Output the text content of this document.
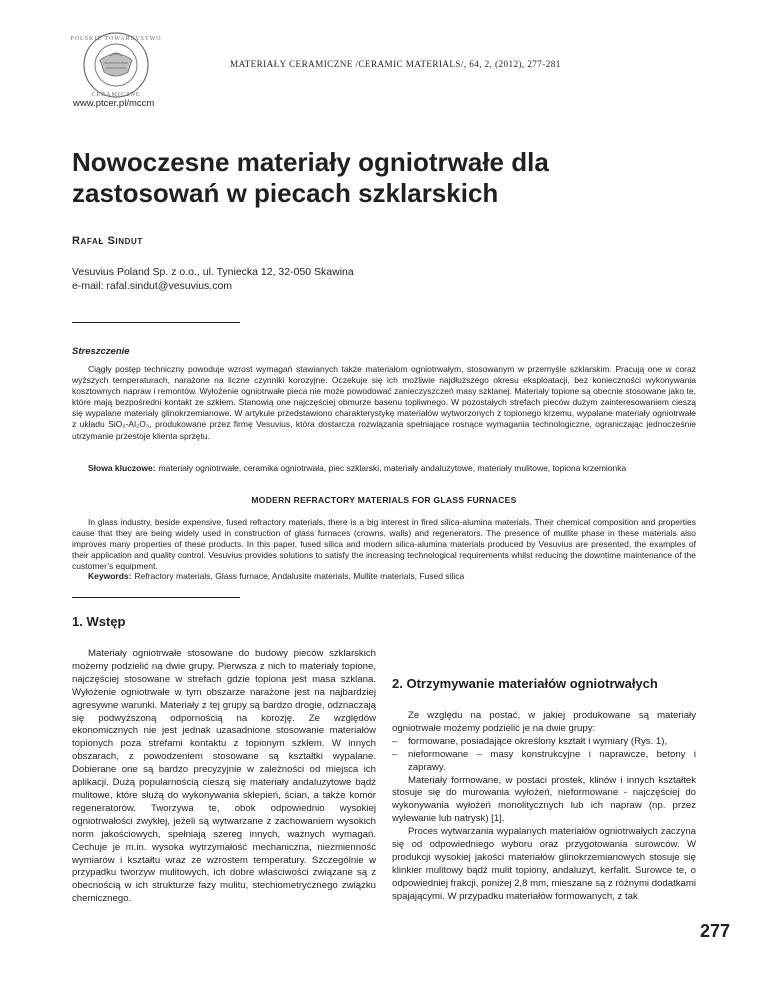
POLSKIE TOWARZYSTWO
CERAMICZNE
MATERIAŁY CERAMICZNE /CERAMIC MATERIALS/, 64, 2, (2012), 277-281
www.ptcer.pl/mccm
Nowoczesne materiały ogniotrwałe dla
zastosowań w piecach szklarskich
Rafał Sindut
Vesuvius Poland Sp. z o.o., ul. Tyniecka 12, 32-050 Skawina
e-mail: rafal.sindut@vesuvius.com
Streszczenie

Ciągły postęp techniczny powoduje wzrost wymagań stawianych także materiałom ogniotrwałym, stosowanym w przemyśle szklarskim. Pracują one w coraz wyższych temperaturach, narażone na liczne czynniki korozyjne. Oczekuje się ich możliwie najdłuższego okresu eksploatacji, bez konieczności wykonywania kosztownych napraw i remontów. Wyłożenie ogniotrwałe pieca nie może powodować zanieczyszczeń masy szklanej. Materiały topione są obecnie stosowane jako te, które mają bezpośredni kontakt ze szkłem. Stanowią one najczęściej obmurze basenu topliwnego. W pozostałych strefach pieców dużym zainteresowaniem cieszą się wypalane materiały glinokrzemianowe. W artykule przedstawiono charakterystykę materiałów wytworzonych z topionego krzemu, wypalane materiały ogniotrwałe z układu SiO₂-Al₂O₃, produkowane przez firmę Vesuvius, która dostarcza rozwiązania spełniające rosnące wymagania technologiczne, ograniczając jednocześnie utrzymanie przestoje klienta sprzętu.

Słowa kluczowe: materiały ogniotrwałe, ceramika ogniotrwała, piec szklarski, materiały andaluzytowe, materiały mulitowe, topiona krzemionka
MODERN REFRACTORY MATERIALS FOR GLASS FURNACES

In glass industry, beside expensive, fused refractory materials, there is a big interest in fired silica-alumina materials. Their chemical composition and properties cause that they are being widely used in construction of glass furnaces (crowns, walls) and regenerators. The presence of mullite phase in these materials also improves many properties of these products. In this paper, fused silica and modern silica-alumina materials produced by Vesuvius are presented, the examples of their application and quality control. Vesuvius provides solutions to satisfy the increasing technological requirements whilst reducing the downtime maintenance of the customer’s equipment.

Keywords: Refractory materials, Glass furnace, Andalusite materials, Mullite materials, Fused silica
1. Wstęp

Materiały ogniotrwałe stosowane do budowy pieców szklarskich możemy podzielić na dwie grupy. Pierwsza z nich to materiały topione, najczęściej stosowane w strefach gdzie topiona jest masa szklana. Wyłożenie ogniotrwałe w tym obszarze narażone jest na najbardziej agresywne warunki. Materiały z tej grupy są bardzo drogie, odznaczają się podwyższoną odpornością na korozję. Ze względów ekonomicznych nie jest jednak uzasadnione stosowanie materiałów topionych poza strefami kontaktu z topionym szkłem. W innych obszarach, z powodzeniem stosowane są kształtki wypalane. Dobierane one są bardzo precyzyjnie w zależności od miejsca ich aplikacji. Dużą popularnością cieszą się materiały andaluzytowe bądź mulitowe, które służą do wykonywania sklepień, ścian, a także komór regeneratorów. Tworzywa te, obok odpowiednio wysokiej ogniotrwałości zwykłej, jeżeli są wytwarzane z zachowaniem wysokich norm jakościowych, spełniają szereg innych, ważnych wymagań. Cechuje je m.in. wysoka wytrzymałość mechaniczna, niezmienność wymiarów i kształtu wraz ze wzrostem temperatury. Szczególnie w przypadku tworzyw mulitowych, ich dobre właściwości związane są z obecnością w ich strukturze fazy mulitu, stechiometrycznego związku chemicznego.

2. Otrzymywanie materiałów ogniotrwałych

Ze względu na postać, w jakiej produkowane są materiały ogniotrwałe możemy podzielić je na dwie grupy:

–	formowane, posiadające określony kształt i wymiary (Rys. 1),
–	nieformowane – masy konstrukcyjne i naprawcze, betony i zaprawy.

Materiały formowane, w postaci prostek, klinów i innych kształtek stosuje się do murowania wyłożeń, nieformowane - najczęściej do wykonywania wyłożeń monolitycznych lub ich napraw (np. przez wylewanie lub natrysk) [1].

Proces wytwarzania wypalanych materiałów ogniotrwałych zaczyna się od odpowiedniego wyboru oraz przygotowania surowców. W produkcji wysokiej jakości materiałów glinokrzemianowych stosuje się klinkier mulitowy bądź mulit topiony, andaluzyt, kerfalit. Surowce te, o odpowiedniej frakcji, poniżej 2,8 mm, mieszane są z różnymi dodatkami spajającymi. W przypadku materiałów formowanych, z tak

277
